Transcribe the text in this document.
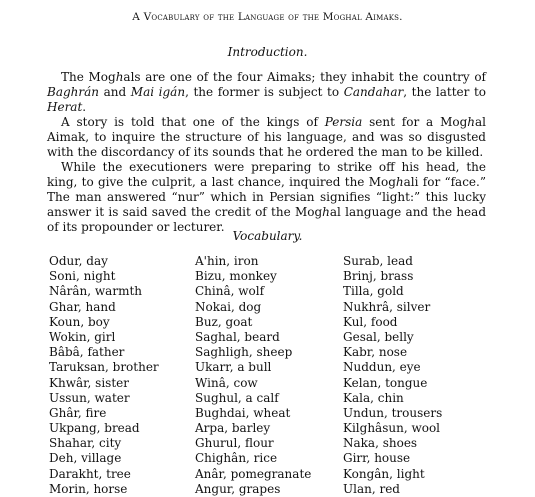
A Vocabulary of the Language of the Moghal Aimaks.
Introduction.

The Moghals are one of the four Aimaks; they inhabit the country of Baghrán and Mai igán, the former is subject to Candahar, the latter to Herat.

A story is told that one of the kings of Persia sent for a Moghal Aimak, to inquire the structure of his language, and was so disgusted with the discordancy of its sounds that he ordered the man to be killed.

While the executioners were preparing to strike off his head, the king, to give the culprit, a last chance, inquired the Moghali for “face.” The man answered “nur” which in Persian signifies “light:” this lucky answer it is said saved the credit of the Moghal language and the head of its propounder or lecturer.

Vocabulary.
Odur, day
Soni, night
Nârân, warmth
Ghar, hand
Koun, boy
Wokin, girl
Bâbâ, father
Taruksan, brother
Khwâr, sister
Ussun, water
Ghâr, fire
Ukpang, bread
Shahar, city
Deh, village
Darakht, tree
Morin, horse
A'hin, iron
Bizu, monkey
Chinâ, wolf
Nokai, dog
Buz, goat
Saghal, beard
Saghligh, sheep
Ukarr, a bull
Winâ, cow
Sughul, a calf
Bughdai, wheat
Arpa, barley
Ghurul, flour
Chighân, rice
Anâr, pomegranate
Angur, grapes
Surab, lead
Brinj, brass
Tilla, gold
Nukhrâ, silver
Kul, food
Gesal, belly
Kabr, nose
Nuddun, eye
Kelan, tongue
Kala, chin
Undun, trousers
Kilghâsun, wool
Naka, shoes
Girr, house
Kongân, light
Ulan, red
